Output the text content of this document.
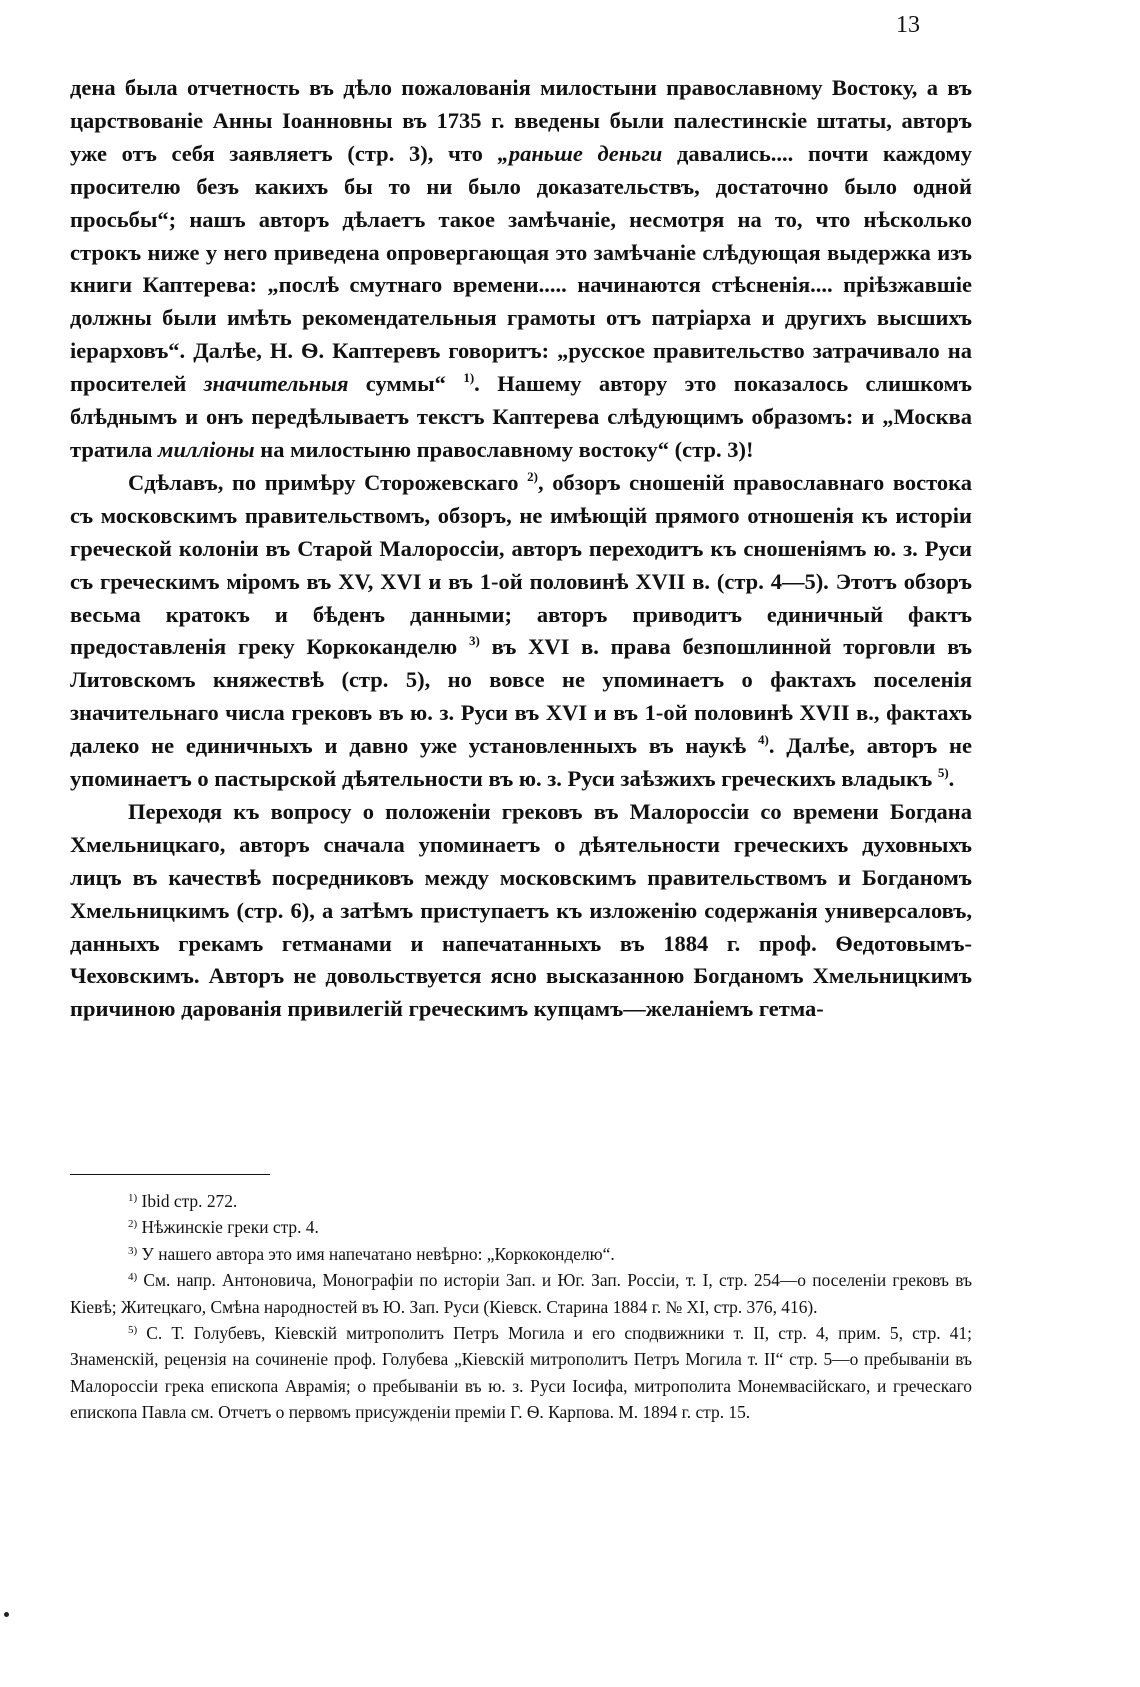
13

дена была отчетность въ дѣло пожалованія милостыни православному Востоку, а въ царствованіе Анны Іоанновны въ 1735 г. введены были палестинскіе штаты, авторъ уже отъ себя заявляетъ (стр. 3), что „раньше деньги давались.... почти каждому просителю безъ какихъ бы то ни было доказательствъ, достаточно было одной просьбы“; нашъ авторъ дѣлаетъ такое замѣчаніе, несмотря на то, что нѣсколько строкъ ниже у него приведена опровергающая это замѣчаніе слѣдующая выдержка изъ книги Каптерева: „послѣ смутнаго времени..... начинаются стѣсненія.... пріѣзжавшіе должны были имѣть рекомендательныя грамоты отъ патріарха и другихъ высшихъ іерарховъ“. Далѣе, Н. Ѳ. Каптеревъ говоритъ: „русское правительство затрачивало на просителей значительныя суммы“ $^{1)}$. Нашему автору это показалось слишкомъ блѣднымъ и онъ передѣлываетъ текстъ Каптерева слѣдующимъ образомъ: и „Москва тратила милліоны на милостыню православному востоку“ (стр. 3)!

Сдѣлавъ, по примѣру Сторожевскаго $^{2)}$, обзоръ сношеній православнаго востока съ московскимъ правительствомъ, обзоръ, не имѣющій прямого отношенія къ исторіи греческой колоніи въ Старой Малороссіи, авторъ переходитъ къ сношеніямъ ю. з. Руси съ греческимъ міромъ въ XV, XVI и въ 1-ой половинѣ XVII в. (стр. 4—5). Этотъ обзоръ весьма кратокъ и бѣденъ данными; авторъ приводитъ единичный фактъ предоставленія греку Коркоканделю $^{3)}$ въ XVI в. права безпошлинной торговли въ Литовскомъ княжествѣ (стр. 5), но вовсе не упоминаетъ о фактахъ поселенія значительнаго числа грековъ въ ю. з. Руси въ XVI и въ 1-ой половинѣ XVII в., фактахъ далеко не единичныхъ и давно уже установленныхъ въ наукѣ $^{4)}$. Далѣе, авторъ не упоминаетъ о пастырской дѣятельности въ ю. з. Руси заѣзжихъ греческихъ владыкъ $^{5)}$.

Переходя къ вопросу о положеніи грековъ въ Малороссіи со времени Богдана Хмельницкаго, авторъ сначала упоминаетъ о дѣятельности греческихъ духовныхъ лицъ въ качествѣ посредниковъ между московскимъ правительствомъ и Богданомъ Хмельницкимъ (стр. 6), а затѣмъ приступаетъ къ изложенію содержанія универсаловъ, данныхъ грекамъ гетманами и напечатанныхъ въ 1884 г. проф. Ѳедотовымъ-Чеховскимъ. Авторъ не довольствуется ясно высказанною Богданомъ Хмельницкимъ причиною дарованія привилегій греческимъ купцамъ—желаніемъ гетма-

$^{1)}$ Ibid стр. 272.

$^{2)}$ Нѣжинскіе греки стр. 4.

$^{3)}$ У нашего автора это имя напечатано невѣрно: „Коркоконделю“.

$^{4)}$ См. напр. Антоновича, Монографіи по исторіи Зап. и Юг. Зап. Россіи, т. I, стр. 254—о поселеніи грековъ въ Кіевѣ; Житецкаго, Смѣна народностей въ Ю. Зап. Руси (Кіевск. Старина 1884 г. № XI, стр. 376, 416).

$^{5)}$ С. Т. Голубевъ, Кіевскій митрополитъ Петръ Могила и его сподвижники т. II, стр. 4, прим. 5, стр. 41; Знаменскій, рецензія на сочиненіе проф. Голубева „Кіевскій митрополитъ Петръ Могила т. II“ стр. 5—о пребываніи въ Малороссіи грека епископа Аврамія; о пребываніи въ ю. з. Руси Іосифа, митрополита Монемвасійскаго, и греческаго епископа Павла см. Отчетъ о первомъ присужденіи преміи Г. Ѳ. Карпова. М. 1894 г. стр. 15.
